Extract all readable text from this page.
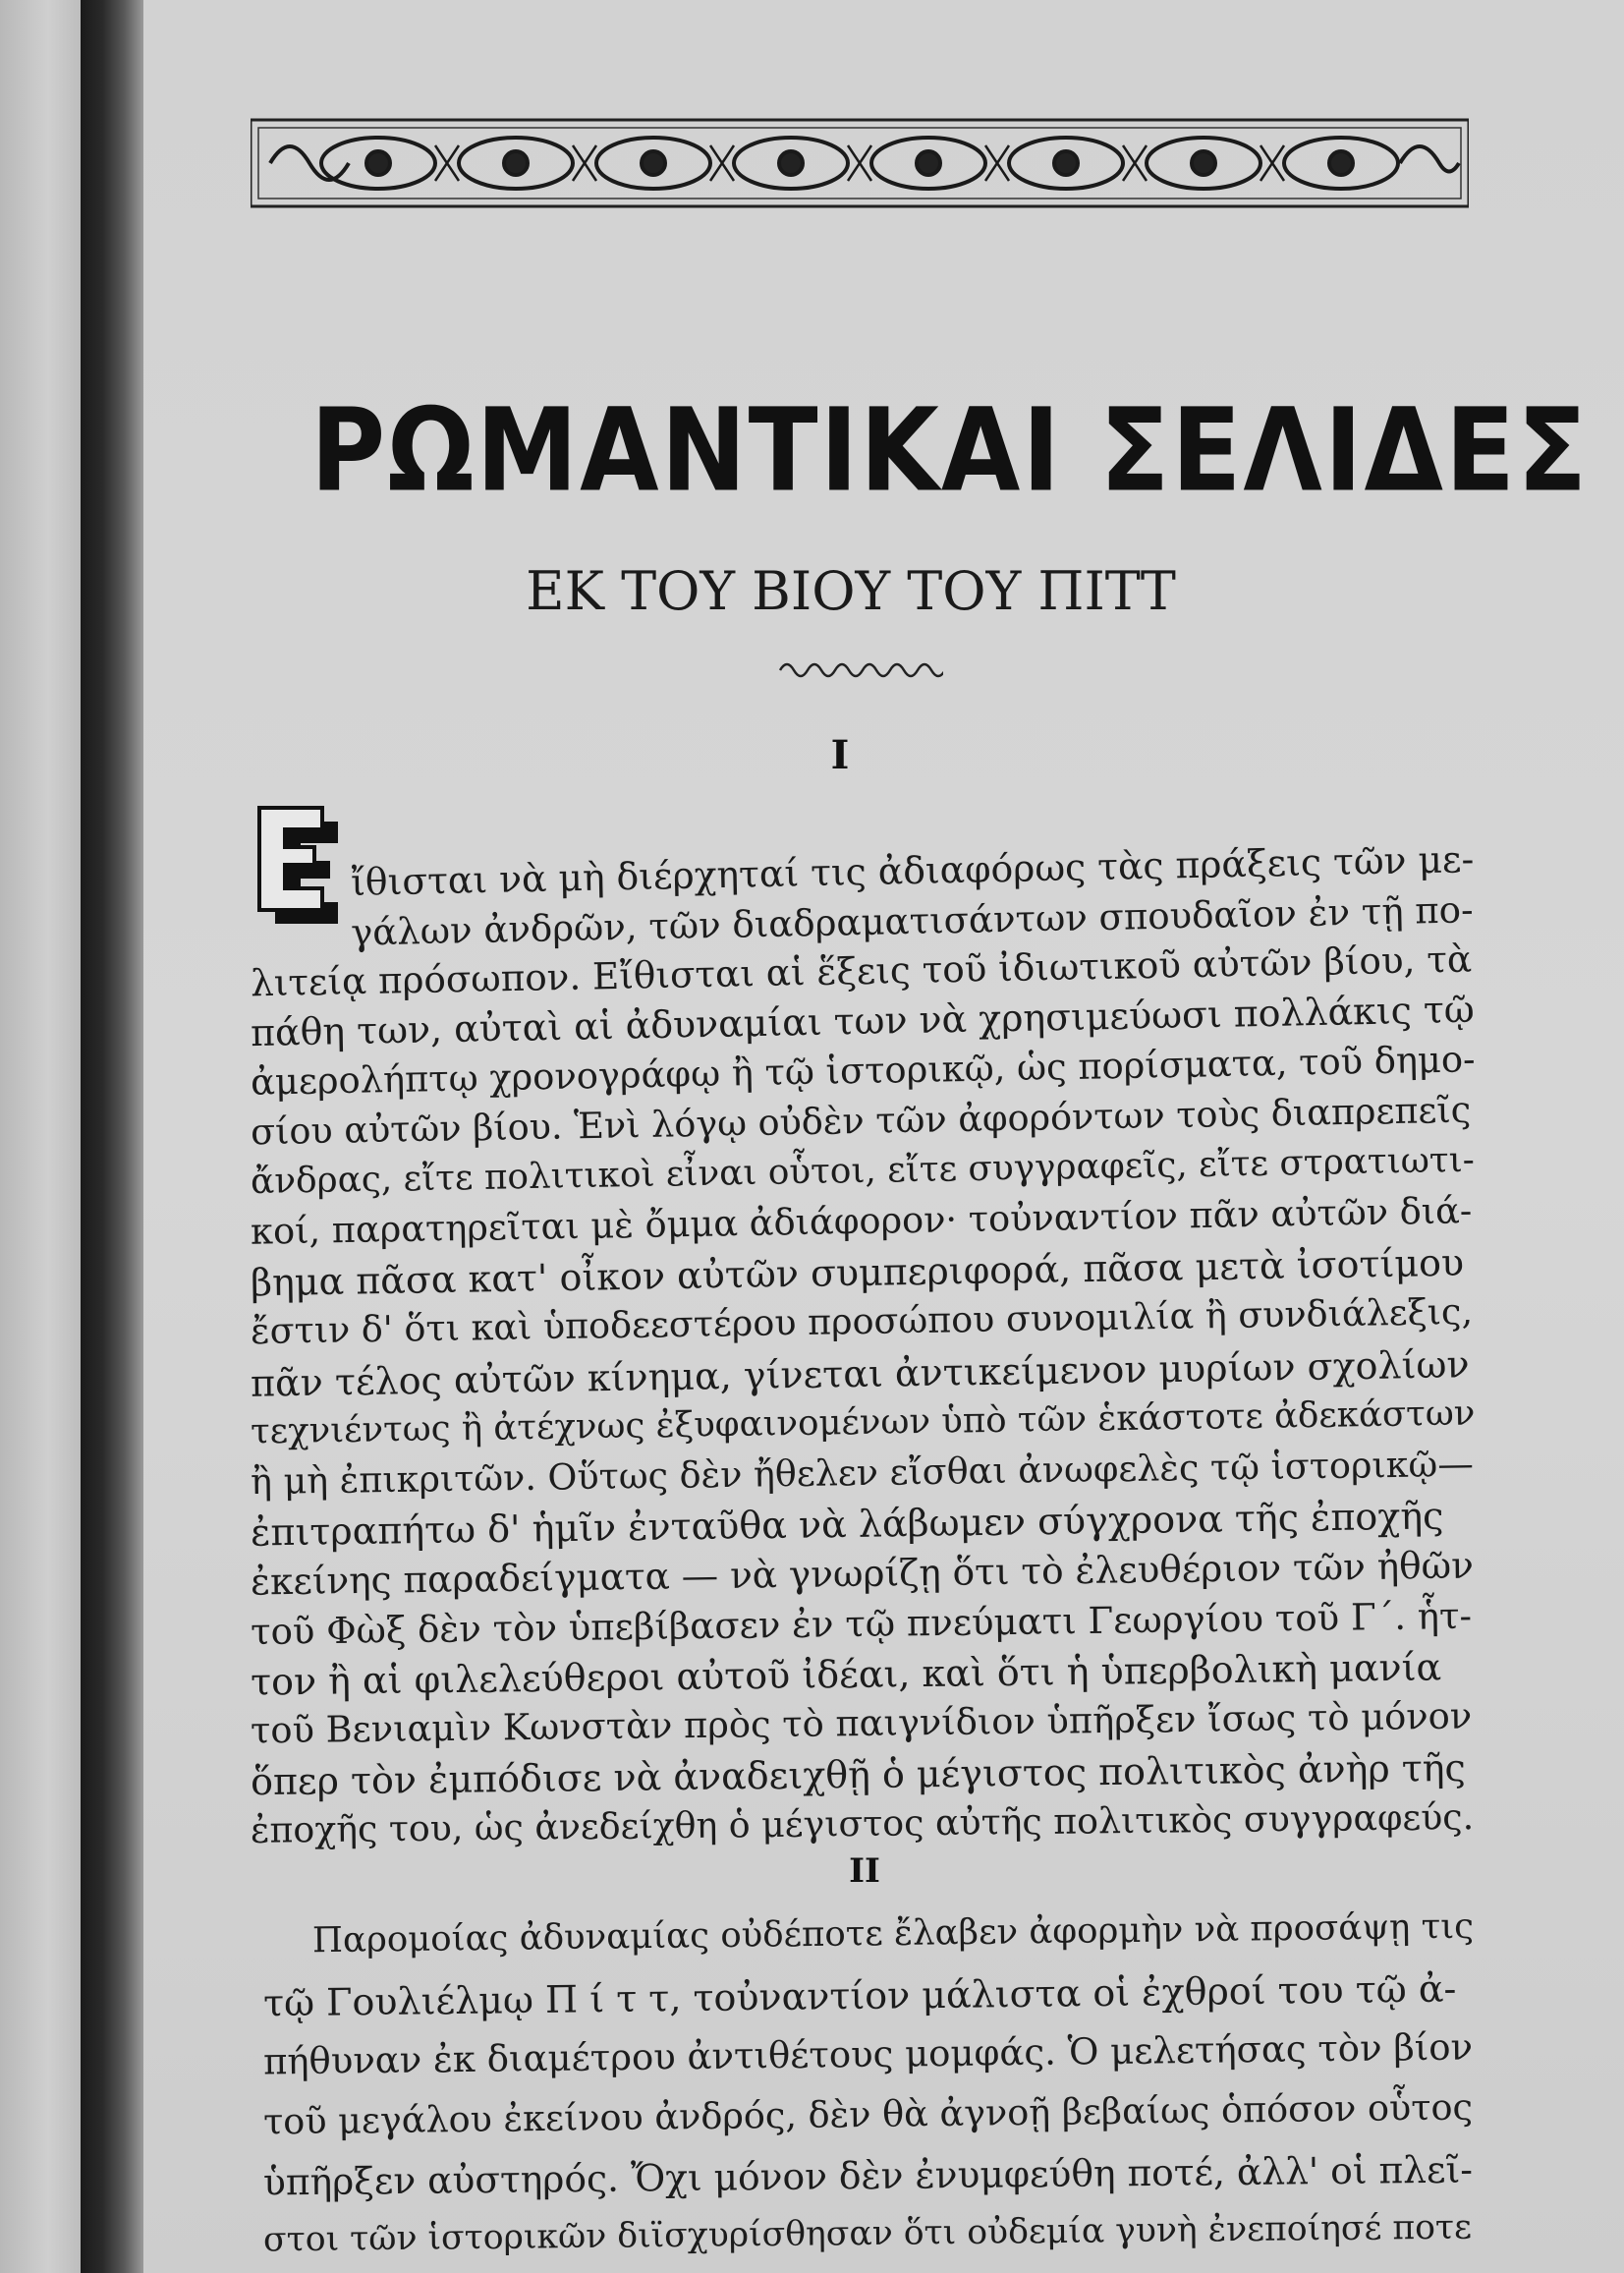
ΡΩΜΑΝΤΙΚΑΙ ΣΕΛΙΔΕΣ
ΕΚ ΤΟΥ ΒΙΟΥ ΤΟΥ ΠΙΤΤ
Ι
Ε
ΙΙ

Παρομοίας ἀδυναμίας οὐδέποτε ἔλαβεν ἀφορμὴν νὰ προσάψῃ τις

τῷ Γουλιέλμῳ Π ί τ τ, τοὐναντίον μάλιστα οἱ ἐχθροί του τῷ ἀ-

πήθυναν ἐκ διαμέτρου ἀντιθέτους μομφάς. Ὁ μελετήσας τὸν βίον

τοῦ μεγάλου ἐκείνου ἀνδρός, δὲν θὰ ἀγνοῇ βεβαίως ὁπόσον οὗτος

ὑπῆρξεν αὐστηρός. Ὄχι μόνον δὲν ἐνυμφεύθη ποτέ, ἀλλ' οἱ πλεῖ-

στοι τῶν ἱστορικῶν διϊσχυρίσθησαν ὅτι οὐδεμία γυνὴ ἐνεποίησέ ποτε

ἴθισται νὰ μὴ διέρχηταί τις ἀδιαφόρως τὰς πράξεις τῶν με-

γάλων ἀνδρῶν, τῶν διαδραματισάντων σπουδαῖον ἐν τῇ πο-

λιτείᾳ πρόσωπον. Εἴθισται αἱ ἕξεις τοῦ ἰδιωτικοῦ αὐτῶν βίου, τὰ

πάθη των, αὐταὶ αἱ ἀδυναμίαι των νὰ χρησιμεύωσι πολλάκις τῷ

ἀμερολήπτῳ χρονογράφῳ ἢ τῷ ἱστορικῷ, ὡς πορίσματα, τοῦ δημο-

σίου αὐτῶν βίου. Ἑνὶ λόγῳ οὐδὲν τῶν ἀφορόντων τοὺς διαπρεπεῖς

ἄνδρας, εἴτε πολιτικοὶ εἶναι οὗτοι, εἴτε συγγραφεῖς, εἴτε στρατιωτι-

κοί, παρατηρεῖται μὲ ὄμμα ἀδιάφορον· τοὐναντίον πᾶν αὐτῶν διά-

βημα πᾶσα κατ' οἶκον αὐτῶν συμπεριφορά, πᾶσα μετὰ ἰσοτίμου

ἔστιν δ' ὅτι καὶ ὑποδεεστέρου προσώπου συνομιλία ἢ συνδιάλεξις,

πᾶν τέλος αὐτῶν κίνημα, γίνεται ἀντικείμενον μυρίων σχολίων

τεχνιέντως ἢ ἀτέχνως ἐξυφαινομένων ὑπὸ τῶν ἑκάστοτε ἀδεκάστων

ἢ μὴ ἐπικριτῶν. Οὕτως δὲν ἤθελεν εἴσθαι ἀνωφελὲς τῷ ἱστορικῷ—

ἐπιτραπήτω δ' ἡμῖν ἐνταῦθα νὰ λάβωμεν σύγχρονα τῆς ἐποχῆς

ἐκείνης παραδείγματα — νὰ γνωρίζῃ ὅτι τὸ ἐλευθέριον τῶν ἠθῶν

τοῦ Φὼξ δὲν τὸν ὑπεβίβασεν ἐν τῷ πνεύματι Γεωργίου τοῦ Γ΄. ἧτ-

τον ἢ αἱ φιλελεύθεροι αὐτοῦ ἰδέαι, καὶ ὅτι ἡ ὑπερβολικὴ μανία

τοῦ Βενιαμὶν Κωνστὰν πρὸς τὸ παιγνίδιον ὑπῆρξεν ἴσως τὸ μόνον

ὅπερ τὸν ἐμπόδισε νὰ ἀναδειχθῇ ὁ μέγιστος πολιτικὸς ἀνὴρ τῆς

ἐποχῆς του, ὡς ἀνεδείχθη ὁ μέγιστος αὐτῆς πολιτικὸς συγγραφεύς.
